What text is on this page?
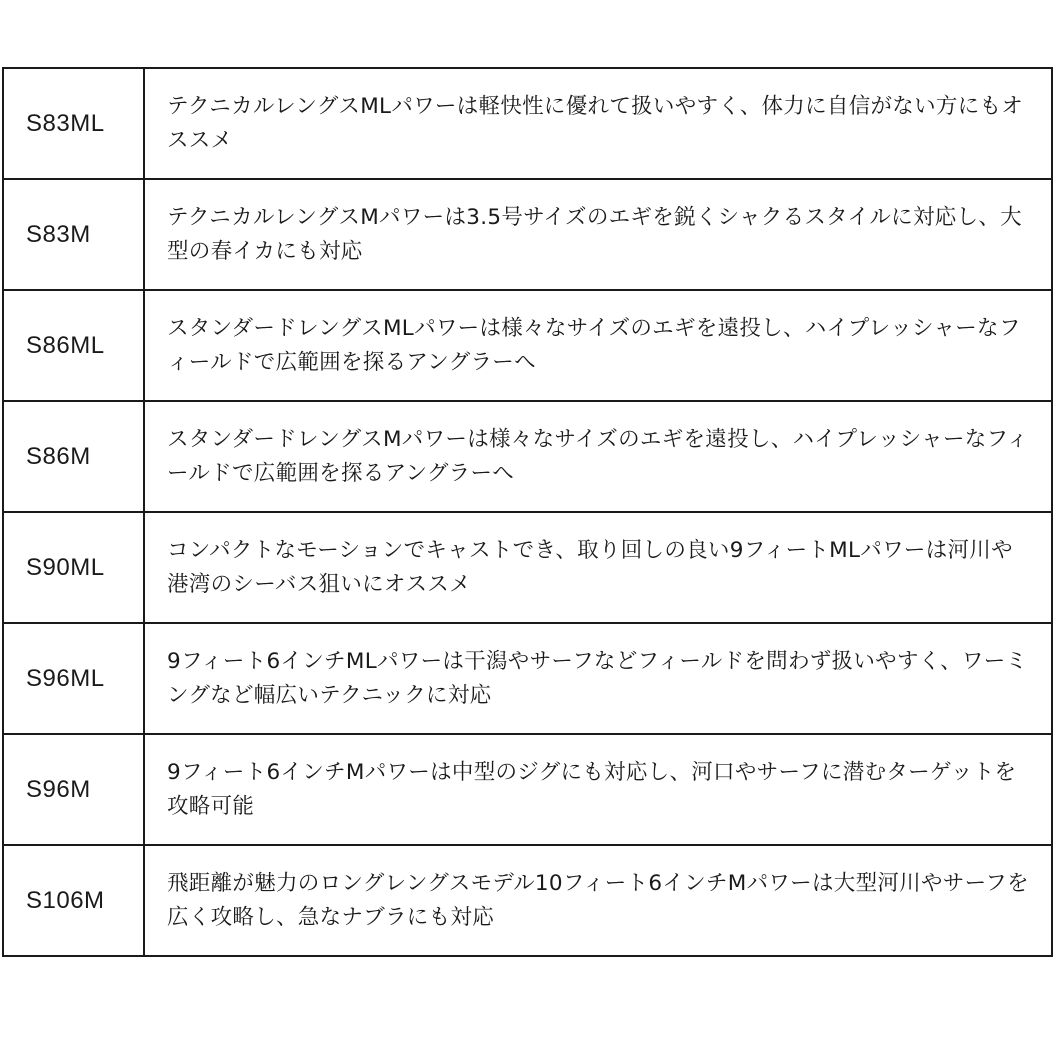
S83ML	テクニカルレングスMLパワーは軽快性に優れて扱いやすく、体力に自信がない方にもオススメ
S83M	テクニカルレングスMパワーは3.5号サイズのエギを鋭くシャクるスタイルに対応し、大型の春イカにも対応
S86ML	スタンダードレングスMLパワーは様々なサイズのエギを遠投し、ハイプレッシャーなフィールドで広範囲を探るアングラーへ
S86M	スタンダードレングスMパワーは様々なサイズのエギを遠投し、ハイプレッシャーなフィールドで広範囲を探るアングラーへ
S90ML	コンパクトなモーションでキャストでき、取り回しの良い9フィートMLパワーは河川や港湾のシーバス狙いにオススメ
S96ML	9フィート6インチMLパワーは干潟やサーフなどフィールドを問わず扱いやすく、ワーミングなど幅広いテクニックに対応
S96M	9フィート6インチMパワーは中型のジグにも対応し、河口やサーフに潜むターゲットを攻略可能
S106M	飛距離が魅力のロングレングスモデル10フィート6インチMパワーは大型河川やサーフを広く攻略し、急なナブラにも対応
